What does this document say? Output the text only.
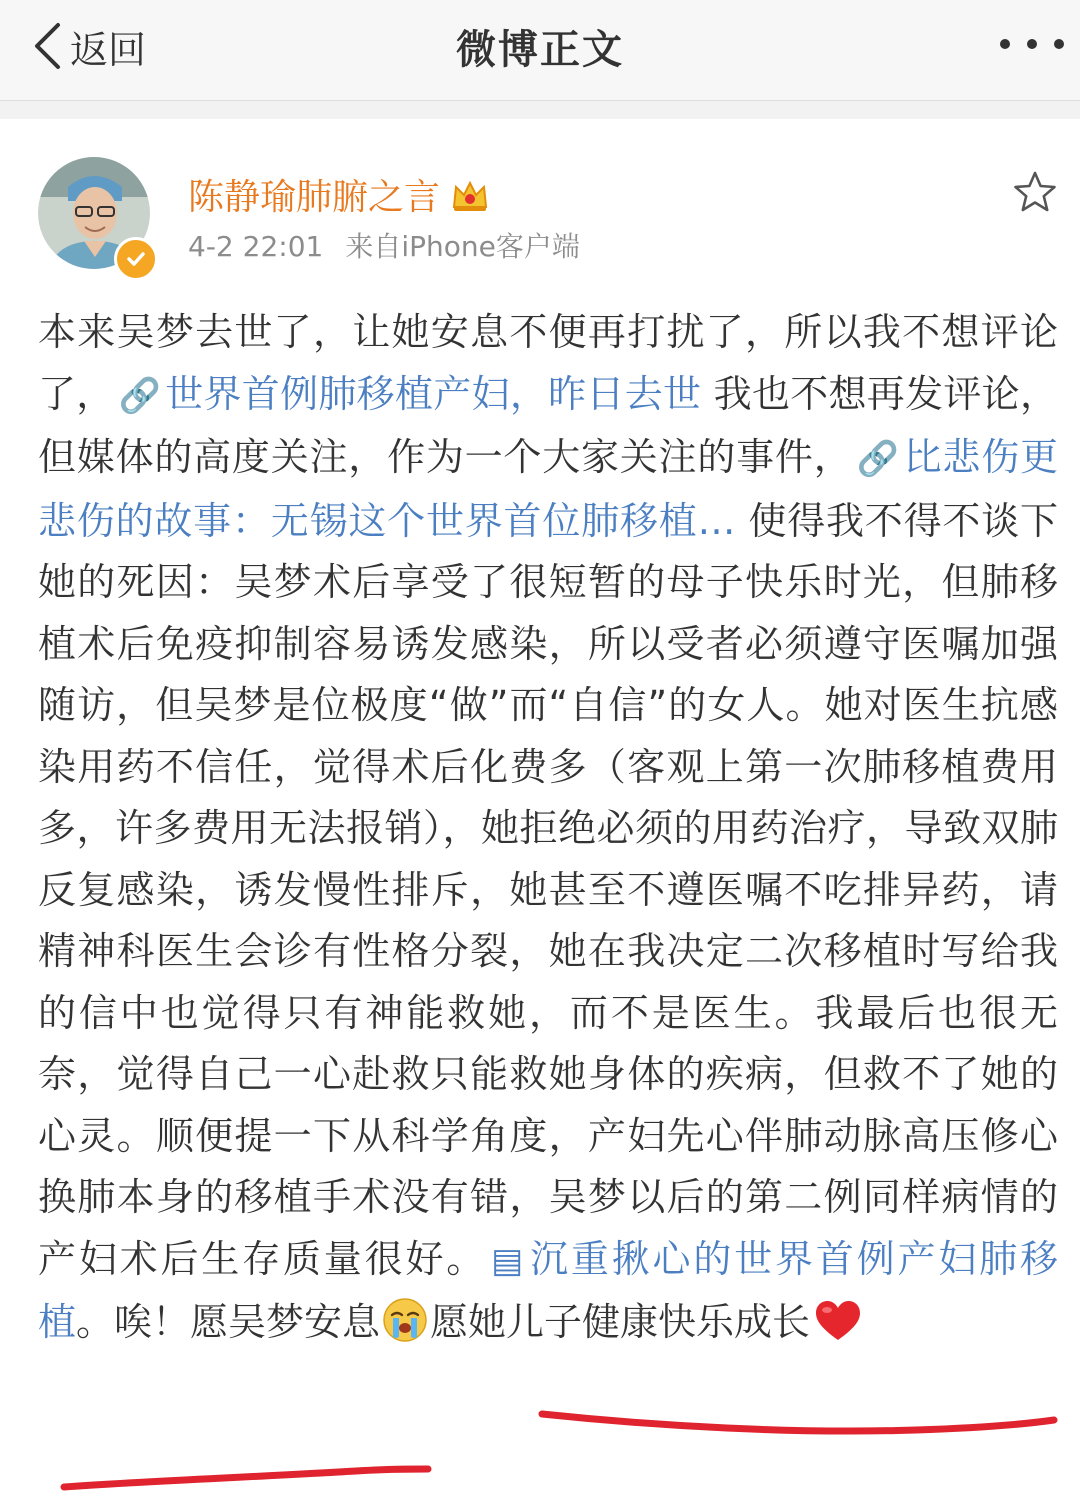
返回	微博正文
陈静瑜肺腑之言
4-2 22:01 来自iPhone客户端
本来吴梦去世了，让她安息不便再打扰了，所以我不想评论了， 🔗 世界首例肺移植产妇，昨日去世 我也不想再发评论，但媒体的高度关注，作为一个大家关注的事件， 🔗 比悲伤更悲伤的故事：无锡这个世界首位肺移植… 使得我不得不谈下她的死因：吴梦术后享受了很短暂的母子快乐时光，但肺移植术后免疫抑制容易诱发感染，所以受者必须遵守医嘱加强随访，但吴梦是位极度“做”而“自信”的女人。她对医生抗感染用药不信任，觉得术后化费多（客观上第一次肺移植费用多，许多费用无法报销），她拒绝必须的用药治疗，导致双肺反复感染，诱发慢性排斥，她甚至不遵医嘱不吃排异药，请精神科医生会诊有性格分裂，她在我决定二次移植时写给我的信中也觉得只有神能救她，而不是医生。我最后也很无奈，觉得自己一心赴救只能救她身体的疾病，但救不了她的心灵。顺便提一下从科学角度，产妇先心伴肺动脉高压修心换肺本身的移植手术没有错，吴梦以后的第二例同样病情的产妇术后生存质量很好。 ▤ 沉重揪心的世界首例产妇肺移植。唉！愿吴梦安息 愿她儿子健康快乐成长
